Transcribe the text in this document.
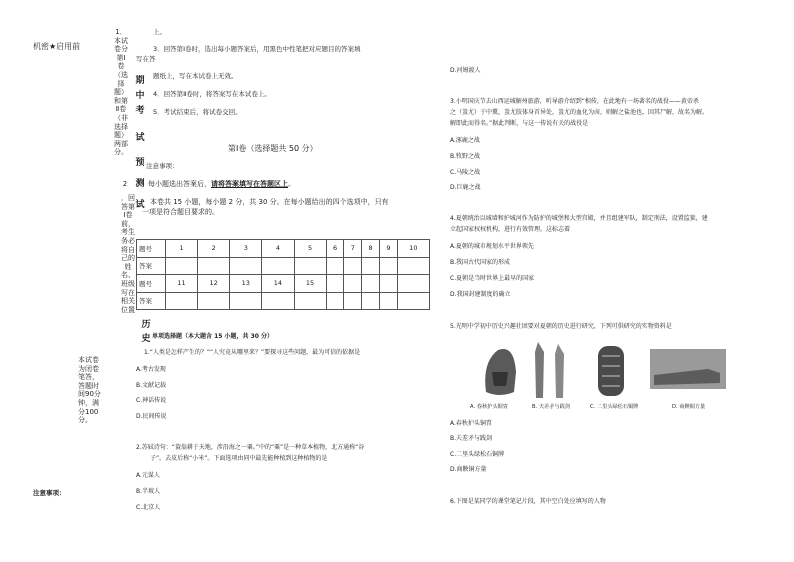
机密★启用前
1．本试卷分第Ⅰ卷（选择题）和第Ⅱ卷（非选择题）两部分。
2
．回答第Ⅰ卷前，考生务必将自己的姓名、班级写在相关位置
本试卷为闭卷笔答，答题时间90分钟，满分100分。
注意事项：
期
中
考
试
预
测
试
历
史
上。
3．回答第Ⅰ卷时，选出每小题答案后，用黑色中性笔把对应题目的答案填
写在答
题纸上，写在本试卷上无效。
4．回答第Ⅱ卷时，将答案写在本试卷上。
5．考试结束后，将试卷交回。
第Ⅰ卷（选择题共 50 分）
注意事项：
每小题选出答案后，请将答案填写在答题区上。
本卷共 15 小题，每小题 2 分，共 30 分。在每小题给出的四个选项中，只有
一项是符合题目要求的。
题号	1	2	3	4	5	6	7	8	9	10
答案										
题号	11	12	13	14	15					
答案										
单项选择题（本大题含 15 小题，共 30 分）
1.“人类是怎样产生的？”“人究竟从哪里来？”要探寻这些问题，最为可信的依据是
A.考古发现
B.文献记载
C.神话传说
D.民间传说
2.苏轼诗句：“蓑翁耕于天地，涉沿海之一粟。”中的“粟”是一种草本植物，北方通称“谷
子”。去皮后称“小米”。下面选项由同中最先能种植到这种植物的是
A.元谋人
B.半坡人
C.北京人
D.河姆渡人
3.小明国庆节去山西运城解州旅游，听导游介绍到“相传，在此地有一场著名的战役——黄帝杀
之（蚩尤）于中冀，蚩尤肢体身首异处，蚩尤的血化为卤，则解之盐池也，因其尸解，故名为解。
解即此而得名。”据此判断，与这一传说有关的战役是
A.涿鹿之战
B.牧野之战
C.马陵之战
D.巨鹿之战
4.夏朝统治以城墙和护城河作为防护的城堡和大型宫殿，并且组建军队，制定刑法，设置监狱，建
立起国家权权机构，进行有效管理。这标志着
A.夏朝的城市规划水平世界领先
B.我国古代国家的形成
C.夏朝是当时世界上最早的国家
D.我国封建制度的确立
5.光明中学初中历史兴趣社团要对夏朝的历史进行研究，下列可供研究的实物资料是
A. 春秋护头铜冑	B. 夫差矛与践剑	C. 二里头绿松石铜牌	D. 商鞅铜方量
A.春秋护头铜冑
B.夫差矛与践剑
C.二里头绿松石铜牌
D.商鞅铜方量
6.下图是某同学的课堂笔记片段，其中空白处应填写的人物
